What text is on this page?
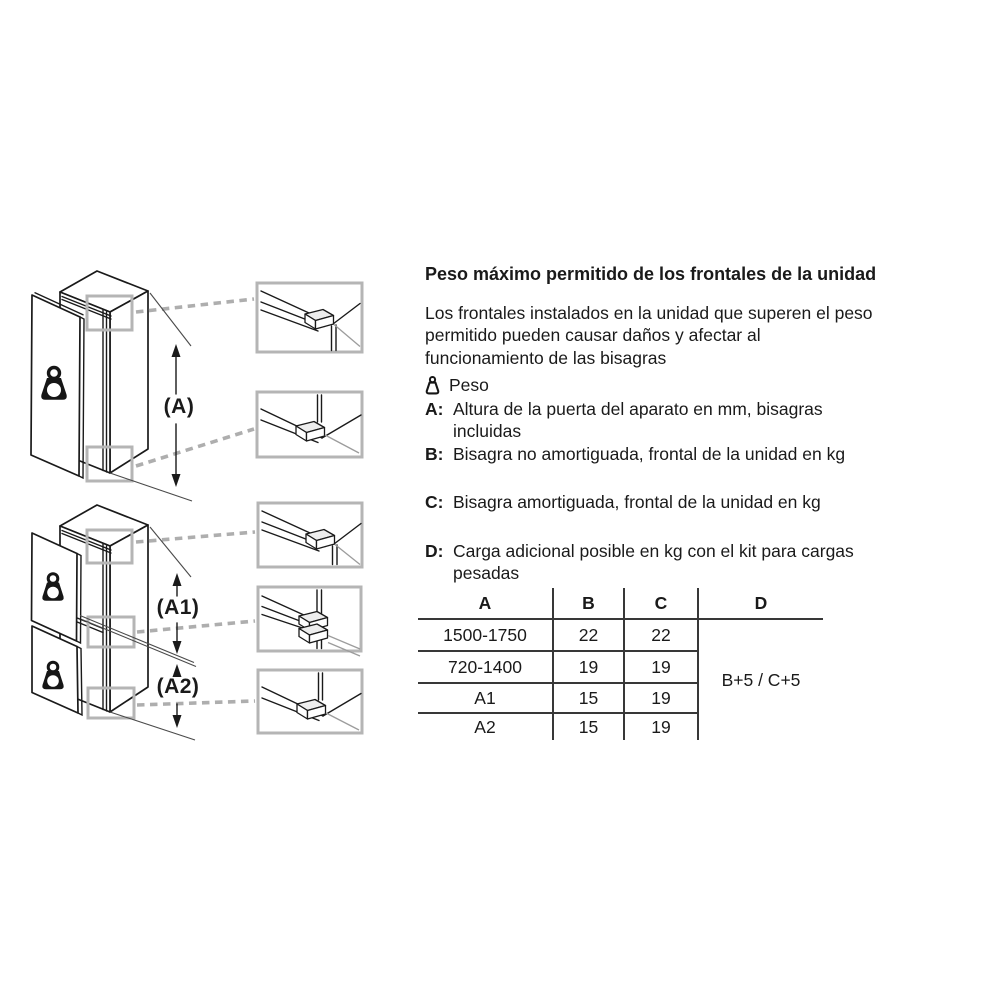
(A)
(A1)
(A2)
Peso máximo permitido de los frontales de la unidad
Los frontales instalados en la unidad que superen el peso
permitido pueden causar daños y afectar al
funcionamiento de las bisagras
Peso
A: Altura de la puerta del aparato en mm, bisagras
incluidas
B: Bisagra no amortiguada, frontal de la unidad en kg
C: Bisagra amortiguada, frontal de la unidad en kg
D: Carga adicional posible en kg con el kit para cargas
pesadas
A	B	C	D
1500-1750	22	22	B+5 / C+5
720-1400	19	19	
A1	15	19	
A2	15	19	
